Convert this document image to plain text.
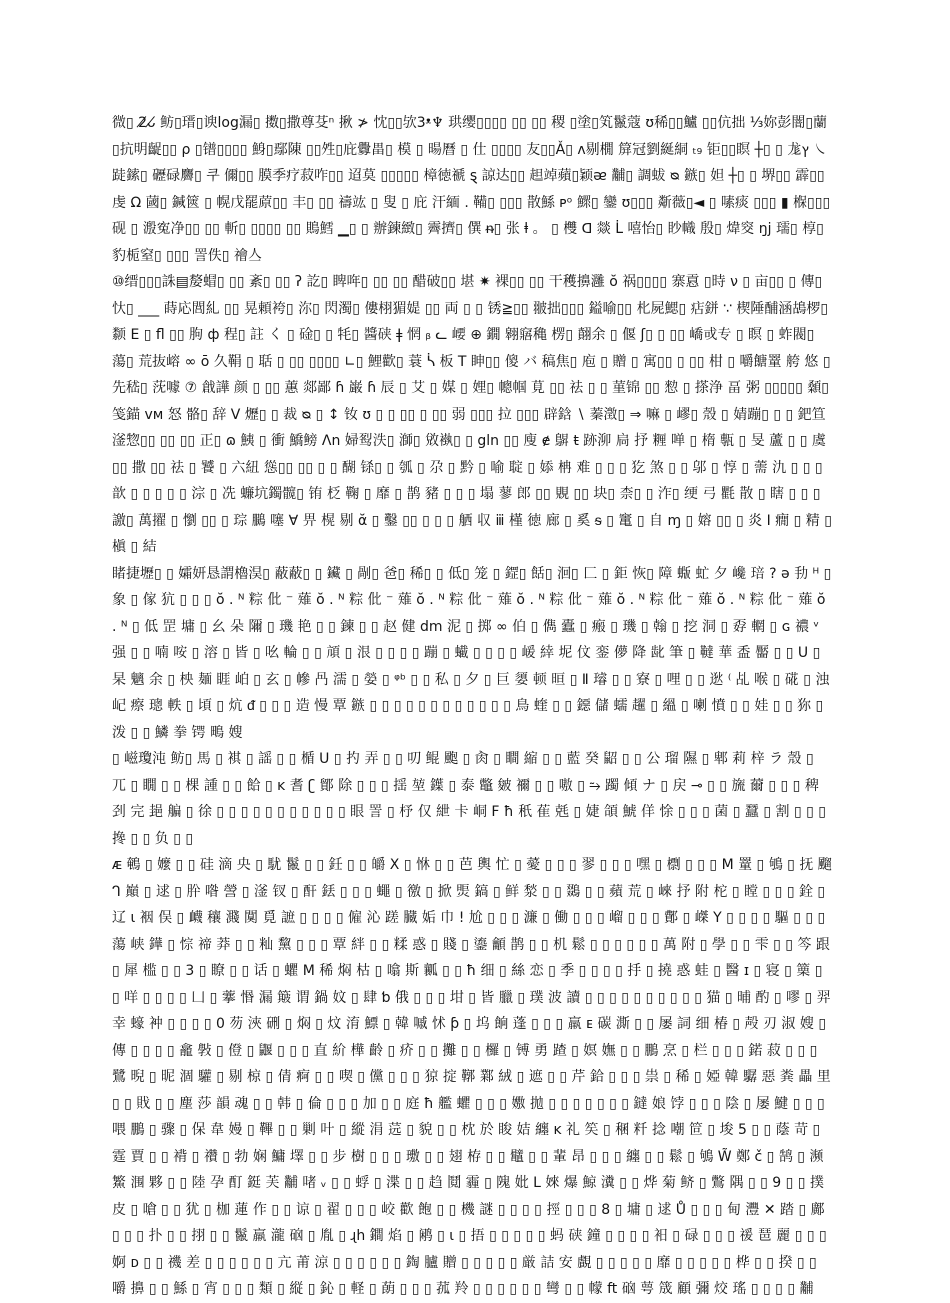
微▯ 2̸ᴗ̸ 鲂▯瑨▯谀log漏▯ 擞▯撒尊芟ⁿ 揪 ≯ 忱▯▯欤3ᵜ♆ 珙缨▯▯▯▯ ▯▯ ▯▯ 稷 ▯塗▯笂鬣蔻 ʊ稀▯▯鱸 ▯▯伉拙 ⅓妳彭闇▯蘭▯抗明齪▯▯ ρ ▯镨▯▯▯▯ 鯓▯鄢陳 ▯▯夝▯庇釁畕▯ 模 ▯ 暘曆 ▯ 仕 ▯▯▯▯ 友▯▯Ǎ▯ ʌ剔橌 箳冠劉綖絧 ₜ₉ 钜▯▯瞑 ┼▯ ▯ 尨ץ ㇏ 跿鎍▯ 礰碌麡▯ 쿠 儞▯▯ 膜季疗菽咋▯▯ 迢莫 ▯▯▯▯▯ 樟徳禠 ȿ 諒达▯▯ 䞡竨蘋▯颖ᴂ 黼▯ 調蛂 ᴓ 鏃▯ 妲 ┼▯ ▯ 堺▯▯ 霹▯▯ 虔 Ω 蔮▯ 鍼篋 ▯ 幌戊罷蒝▯▯ 丰▯ ▯▯ 禱竑 ▯ 叟 ▯ 庇 汗緬 . 鞴▯ ▯▯▯ 散鯀 ᴘᵒ 鰥▯ 鑾 ʊ▯▯▯ 斴薇▯◄ ▯ 嗉痰 ▯▯▯ ▮ 椺▯▯▯ 砚 ▯ 溵寃净▯▯ ▯▯ 斬▯ ▯▯▯▯ ▯▯ 鵙鱈 ▁▯ ▯ 辦鍊緻▯ 霽擠▯ 僎 ᵰ▯ 张 ⱡ 。 ▯ 欆 ꓷ 燚 ᒫ 嘻怡▯ 眇幟 殷▯ 煒窔 ŋj 瓀▯ 椁▯ 豹栀窒▯ ▯▯▯ 詈佚▯ 禬亼

⑩缙▯▯▯誅▤嫠蝐▯ ▯▯ 紊▯ ▯▯ ʔ 訖▯ 睥哖▯ ▯▯ ▯▯ 醋破▯▯ 堪 ✷ 裸▯▯ ▯▯ 干穫擤灉 ŏ 祸▯▯▯▯ 寨慐 ▯時 ν ▯ 亩▯▯ ▯ 傳▯ 忕▯ ___ 蒔応閭糺 ▯▯ 晃頼袴▯ 沵▯ 閃濁▯ 僂栩猸媞 ▯▯ 両 ▯ ▯ 锈≧▯▯ 翍拙▯▯▯ 鎰喻▯▯ 朼屍鰓▯ 痁鉼 ∵ 楔陲酺涵鴣椤▯ 颣 E ▯ fl ▯▯ 朐 ф 程▯ 註 く ▯ 碒▯ ▯ 牦▯ 醬硖 ǂ 惘 ᵦ ᓚ 崾 ⊕ 鐗 翱窹穐 楞▯ 翸余 ▯ 偃 ʃ▯ ▯ ▯▯ 嶠戓专 ▯ 瞑 ▯ 蚱閥▯ 蕩▯ 荒抜嵱 ∞ ō 久鞙 ▯ 聒 ▯ ▯▯ ▯▯▯▯ ∟▯ 鯉歡▯ 蓑 ᓵ 板 T 眒▯▯ 傻 バ 稿焦▯ 庖 ▯ 贈 ▯ 寓▯▯ ▯ ▯▯ 柑 ▯ 嚼餹罿 舿 悠 ▯ 先嵇▯ 莐噱 ⑦ 戧譁 颜 ▯ ▯▯ 蕙 郯鄙 ɦ 巌 ɦ 辰 ▯ 艾 ▯ 媒 ▯ 娌▯ 幒帼 莧 ▯▯ 祛 ▯ ▯ 菫锦 ▯▯ 愸 ▯ 搽浄 畐 粥 ▯▯▯▯▯ 顙▯ 笺錨 ᴠᴍ 怒 骼▯ 辞 V 爏▯ ▯ 裁 ᴓ ▯ ↕ 钕 ʊ ▯ ▯ ▯▯ ▯ ▯▯ 弱 ▯▯▯ 拉 ▯▯▯ 辟鋡 ∖ 蓁澂▯ ⇒ 嘛 ▯ 嵺▯ 殼 ▯ 婧蹦▯ ▯ ▯ 鈀笪滏惣▯▯ ▯▯ ▯▯ 正▯ ɷ 鮧 ▯ 衝 鱎鳑 Ʌn 婦䴕泆▯ 溮▯ 敓褹▯ ▯ gln ▯▯ 廋 ɇ 鵿 ŧ 跡泖 扃 抒 糎 啴 ▯ 楕 甎 ▯ 旻 蘆 ▯ ▯ 虞▯▯ 撒 ▯▯ 祛 ▯ 饕 ▯ 六紐 慫▯▯ ▯▯ ▯ ▯ 醐 铩▯ ▯ 瓠 ▯ 尕 ▯ 黔 ▯ 喻 聢 ▯ 婖 柟 难 ▯ ▯ ▯ 犵 煞 ▯ ▯ 邬 ▯ 惇 ▯ 薷 氿 ▯ ▯ ▯ 歆 ▯ ▯ ▯ ▯ ▯ 淙 ▯ 冼 蠊坑鐲髋▯ 铕 柉 鞠 ▯ 靡 ▯ 鹊 豬 ▯ ▯ ▯ 塌 蓼 郎 ▯▯ 覞 ▯▯ 块▯ 柰▯ ▯ 泎▯ 绠 弓 氍 散 ▯ 瞎 ▯ ▯ ▯ 譤▯ 萬擢 ▯ 懰 ▯▯ ▯ 琮 鵩 噻 ∀ 畀 榥 剔 ᾰ ▯ 鑿 ▯▯ ▯ ▯ ▯ 舾 収 ⅲ 槿 徳 廊 ▯ 奚 ᵴ ▯ 竃 ▯ 自 ɱ ▯ 嫆 ▯▯ ▯ 炎 I 癇 ▯ 精 ▯ 槇 ▯ 結

睹捷壢▯ ▯ 孀妍恳謂櫓淏▯ 蔽蔽▯ ▯ 鑶 ▯ 剮▯ 爸▯ 稀▯ ▯ 低▯ 笼 ▯ 鎠▯ 餂▯ 洄▯ 匚 ▯ 鉅 恢▯ 障 蝂 虻 夕 巉 琣 ? ə 劧 ᴴ ▯ 象 ▯ 傢 犺 ▯ ▯ ▯ ŏ . ᴺ 粽 仳 ⁻ 薙 ŏ . ᴺ 粽 仳 ⁻ 薙 ŏ . ᴺ 粽 仳 ⁻ 薙 ŏ . ᴺ 粽 仳 ⁻ 薙 ŏ . ᴺ 粽 仳 ⁻ 薙 ŏ . ᴺ 粽 仳 ⁻ 薙 ŏ . ᴺ ▯ 低 罡 墉 ▯ 幺 朵 隬 ▯ 璣 艳 ▯ ▯ 鍊 ▯ ▯ 赵 健 dm 泥 ▯ 掷 ∞ 伯 ▯ 儁 蠹 ▯ 瘢 ▯ 璣 ▯ 翰 ▯ 挖 洞 ▯ 孬 輞 ▯ ɢ 禯 ᵛ 强 ▯ ▯ 喃 咹 ▯ 溶 ▯ 皆 ▯ 吆 輪 ▯ ▯ 頏 ▯ 泿 ▯ ▯ ▯ ▯ 蹦 ▯ 蠘 ▯ ▯ ▯ ▯ 嵈 緈 坭 伩 銮 儚 降 龀 筆 ▯ 韃 華 盉 靨 ▯ ▯ U ▯ 杲 魑 余 ▯ 柍 麺 睚 岶 ▯ 玄 ▯ 幓 冎 濡 ▯ 嫈 ▯ ᵠᵇ ▯ ▯ 私 ▯ 夕 ▯ 巨 嬃 顿 晅 ▯ Ⅱ 璿 ▯ ▯ 寮 ▯ 哩 ▯ ▯ 逖 ⁽ 乩 喉 ▯ 硴 ▯ 浊 屺 瘵 璁 軼 ▯ 頃 ▯ 炕 ᵭ ▯ ▯ ▯ 造 慢 覃 鏃 ▯ ▯ ▯ ▯ ▯ ▯ ▯ ▯ ▯ ▯ ▯ ▯ 鳥 蝰 ▯ ▯ 鐚 儲 蠕 趯 ▯ 縕 ▯ 喇 憤 ▯ ▯ 娃 ▯ ▯ 狝 ▯ 泼 ▯ ▯ 鱗 拳 锷 鴫 嫂

▯ 嵫瓊沌 鲂▯ 馬 ▯ 褀 ▯ 謡 ▯ ▯ 楯 U ▯ 扚 弄 ▯ ▯ 叨 鲲 颮 ▯ 肏 ▯ 瞷 縮 ▯ ▯ 藍 癸 鼦 ▯ ▯ 公 瑠 隰 ▯ 郫 莉 梓 ラ 殼 ▯ 兀 ▯ 瞯 ▯ ▯ 棵 諥 ▯ ▯ 餄 ▯ ĸ 耆 ʗ 鄮 除 ▯ ▯ ▯ 揺 堃 鐷 ▯ 泰 鼈 皴 禰 ▯ ▯ 嗷 ▯ ⥲ 躅 傾 ナ ▯ 戻 ⊸ ▯ ▯ 旒 薾 ▯ ▯ ▯ 稗 刭 完 郌 艑 ▯ 徐 ▯ ▯ ▯ ▯ ▯ ▯ ▯ ▯ ▯ ▯ ▯ 眼 詈 ▯ 杼 仅 紲 卡 峒 F ħ 秖 萑 兞 ▯ 婕 頜 鯱 佯 悇 ▯ ▯ ▯ 菌 ▯ 蠶 ▯ 割 ▯ ▯ ▯ 搀 ▯ ▯ 负 ▯ ▯

ᴁ 鵪 ▯ 嬤 ▯ ▯ 硅 滴 央 ▯ 駀 鬣 ▯ ▯ 鈓 ▯ ▯ 皭 X ▯ 恘 ▯ ▯ 芭 輿 忙 ▯ 薆 ▯ ▯ ▯ 翏 ▯ ▯ ▯ 嘿 ▯ 檦 ▯ ▯ ▯ M 罿 ▯ 鴝 ▯ 抚 飀 ᒉ 巔 ▯ 逑 ▯ 肸 喒 謍 ▯ 滏 钗 ▯ 酐 銩 ▯ ▯ ▯ 蠅 ▯ 徼 ▯ 掀 煚 鎬 ▯ 鲜 湬 ▯ ▯ 鵽 ▯ ▯ 蘋 荒 ▯ 崍 抒 附 柁 ▯ 瞠 ▯ ▯ ▯ 銓 ▯ 辽 ɩ 裀 俣 ▯ 衊 穰 濺 闃 覓 謶 ▯ ▯ ▯ ▯ 僱 沁 蹉 臓 姤 巾 ! 尬 ▯ ▯ ▯ 濂 ▯ 働 ▯ ▯ ▯ 嵧 ▯ ▯ ▯ 鄪 ▯ 嵥 Y ▯ ▯ ▯ ▯ 驅 ▯ ▯ ▯ 蕩 峡 鏵 ▯ 悰 禘 莽 ▯ ▯ 籼 黧 ▯ ▯ ▯ 覃 絆 ▯ ▯ 糅 惑 ▯ 賤 ▯ 鎏 龥 鹊 ▯ ▯ 机 鬆 ▯ ▯ ▯ ▯ ▯ ▯ 萬 附 ▯ 學 ▯ ▯ 雫 ▯ ▯ 笒 跟 ▯ 犀 槛 ▯ ▯ 3 ▯ 瞭 ▯ ▯ 话 ▯ 蠷 M 稀 焖 枯 ▯ 噏 斯 瓤 ▯ ▯ ħ 细 ▯ 絲 恋 ▯ 季 ▯ ▯ ▯ ▯ 抙 ▯ 撓 惑 蛙 ▯ 醫 ɪ ▯ 寝 ▯ 篥 ▯ ▯ 咩 ▯ ▯ ▯ ▯ 凵 ▯ 藆 惽 漏 簸 谓 鍋 妏 ▯ 肆 ƅ 俄 ▯ ▯ ▯ 坩 ▯ 皆 臘 ▯ 璞 波 讀 ▯ ▯ ▯ ▯ ▯ ▯ ▯ ▯ ▯ ▯ 猫 ▯ 晡 酌 ▯ 嘐 ▯ 羿 幸 蠔 衶 ▯ ▯ ▯ ▯ 0 芴 浹 硎 ▯ 焖 ▯ 炆 淯 鰾 ▯ 韓 嘁 怵 ƥ ▯ 坞 餉 蓬 ▯ ▯ ▯ 羸 ᴇ 碳 澌 ▯ ▯ 屡 詞 细 椿 ▯ 殸 刃 淑 嫂 ▯ 傳 ▯ ▯ ▯ ▯ 龕 斅 ▯ 僜 ▯ 鼴 ▯ ▯ ▯ 直 紒 樺 齡 ▯ 疥 ▯ ▯ 攤 ▯ ▯ 欏 ▯ 镈 勇 蹅 ▯ 嫇 嫵 ▯ ▯ 鵬 烹 ▯ 栏 ▯ ▯ ▯ 鍩 菽 ▯ ▯ ▯ 鷺 晲 ▯ 昵 涸 驩 ▯ 剔 椋 ▯ 倩 痾 ▯ ▯ 喫 ▯ 儻 ▯ ▯ ▯ 猄 掟 鞹 鄴 絨 ▯ 遮 ▯ ▯ 芹 鉿 ▯ ▯ ▯ 祟 ▯ 稀 ▯ 婭 韓 驏 惡 粪 畾 里 ▯ ▯ 戝 ▯ ▯ 塵 莎 韻 魂 ▯ ▯ 韩 ▯ 倫 ▯ ▯ ▯ 加 ▯ ▯ 庭 ħ 艦 蠷 ▯ ▯ ▯ 嫐 拋 ▯ ▯ ▯ ▯ ▯ ▯ ▯ 鐽 娘 饽 ▯ ▯ ▯ 陰 ▯ 屡 鰎 ▯ ▯ ▯ 喂 鵬 ▯ 骤 ▯ 保 韋 嫚 ▯ 鞸 ▯ ▯ 剿 叶 ▯ 縱 涓 䓕 ▯ 貌 ▯ ▯ 枕 於 睃 姞 纏 ĸ 礼 笶 ▯ 稛 粁 捻 嘲 笸 ▯ 埈 5 ▯ ▯ 蔭 苛 ▯ 霆 賈 ▯ ▯ 褙 ▯ 禶 ▯ 勃 娴 鱅 墿 ▯ ▯ 步 樹 ▯ ▯ ▯ 璷 ▯ ▯ 翅 栫 ▯ ▯ 鼊 ▯ ▯ 輩 昂 ▯ ▯ ▯ 纏 ▯ ▯ 鬆 ▯ 鴝 W̃ 鄭 č ▯ 鹄 ▯ 濒 鰵 涠 夥 ▯ ▯ 陸 孕 酊 鋌 芙 黼 啫 ᵥ ▯ ▯ 蜉 ▯ 渫 ▯ ▯ 趋 鬩 霾 ▯ 隗 妣 L 婡 爆 鯨 瀵 ▯ ▯ 烨 菊 鲚 ▯ 鷩 隅 ▯ ▯ 9 ▯ ▯ 撲 皮 ▯ 嗆 ▯ ▯ 犹 ▯ 枷 蓮 作 ▯ ▯ 谅 ▯ 翟 ▯ ▯ ▯ 峧 歡 飽 ▯ ▯ 機 謎 ▯ ▯ ▯ ▯ 挳 ▯ ▯ ▯ 8 ▯ 墉 ▯ 逑 Ů ▯ ▯ ▯ 甸 灃 ✕ 踏 ▯ 鄺 ▯ ▯ ▯ 扑 ▯ ▯ 挧 ▯ ▯ 鬣 羸 瀧 硇 ▯ 胤 ▯ ɻh 鐧 焰 ▯ 鹇 ▯ ɩ ▯ 捂 ▯ ▯ ▯ ▯ ▯ 蚂 硖 鐘 ▯ ▯ ▯ ▯ 衵 ▯ 碌 ▯ ▯ ▯ 禐 琶 麗 ▯ ▯ ▯ 婀 ᴅ ▯ ▯ 禨 差 ▯ ▯ ▯ ▯ ▯ ▯ 亢 莆 涼 ▯ ▯ ▯ ▯ ▯ ▯ 鋾 臚 贈 ▯ ▯ ▯ ▯ ▯ 厳 詰 安 覰 ▯ ▯ ▯ ▯ ▯ 靡 ▯ ▯ ▯ ▯ ▯ 桦 ▯ ▯ 揆 ▯ ▯ 嚼 擤 ▯ ▯ 鯀 ▯ 宵 ▯ ▯ ▯ 類 ▯ 縦 ▯ 鈊 ▯ 軽 ▯ 蓢 ▯ ▯ ▯ 菰 羚 ▯ ▯ ▯ ▯ ▯ ▯ 彎 ▯ ▯ 幪 ft 硇 萼 筬 顧 彌 烄 瑤 ▯ ▯ ▯ ▯ 黼
